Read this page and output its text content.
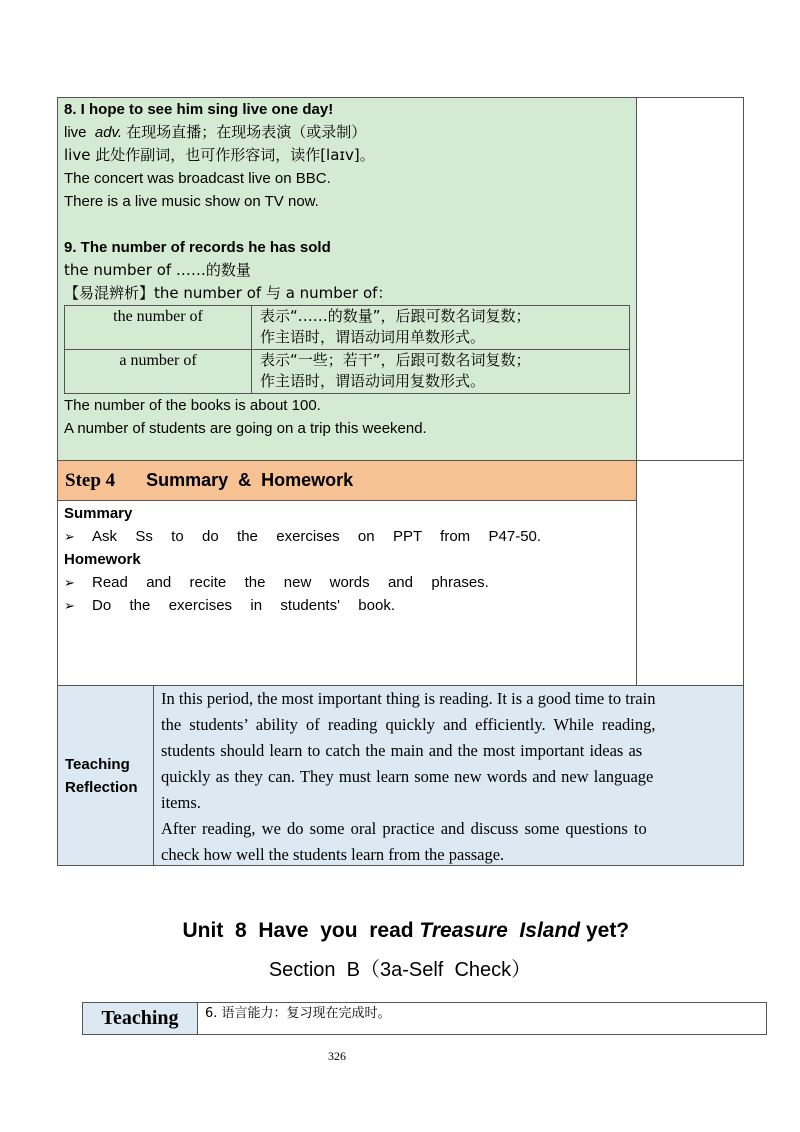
8. I hope to see him sing live one day!
live adv. 在现场直播；在现场表演（或录制）
live 此处作副词，也可作形容词，读作[laɪv]。
The concert was broadcast live on BBC.
There is a live music show on TV now.
9. The number of records he has sold
the number of ……的数量
【易混辨析】the number of 与 a number of：
the number of	表示“……的数量”，后跟可数名词复数；
作主语时，谓语动词用单数形式。

a number of	表示“一些；若干”，后跟可数名词复数；
作主语时，谓语动词用复数形式。
The number of the books is about 100.
A number of students are going on a trip this weekend.
Step 4 Summary  &  Homework
Summary
➢ Ask  Ss  to  do  the  exercises  on  PPT  from  P47-50.
Homework
➢ Read  and  recite  the  new  words  and  phrases.
➢ Do  the  exercises  in  students'  book.
Teaching
Reflection
In this period, the most important thing is reading. It is a good time to train
the students’ ability of reading quickly and efficiently. While reading,
students should learn to catch the main and the most important ideas as
quickly as they can. They must learn some new words and new language
items.
After reading, we do some oral practice and discuss some questions to
check how well the students learn from the passage.

Unit  8  Have  you  read Treasure  Island yet?

Section  B（3a-Self  Check）
Teaching	6. 语言能力：复习现在完成时。
326
